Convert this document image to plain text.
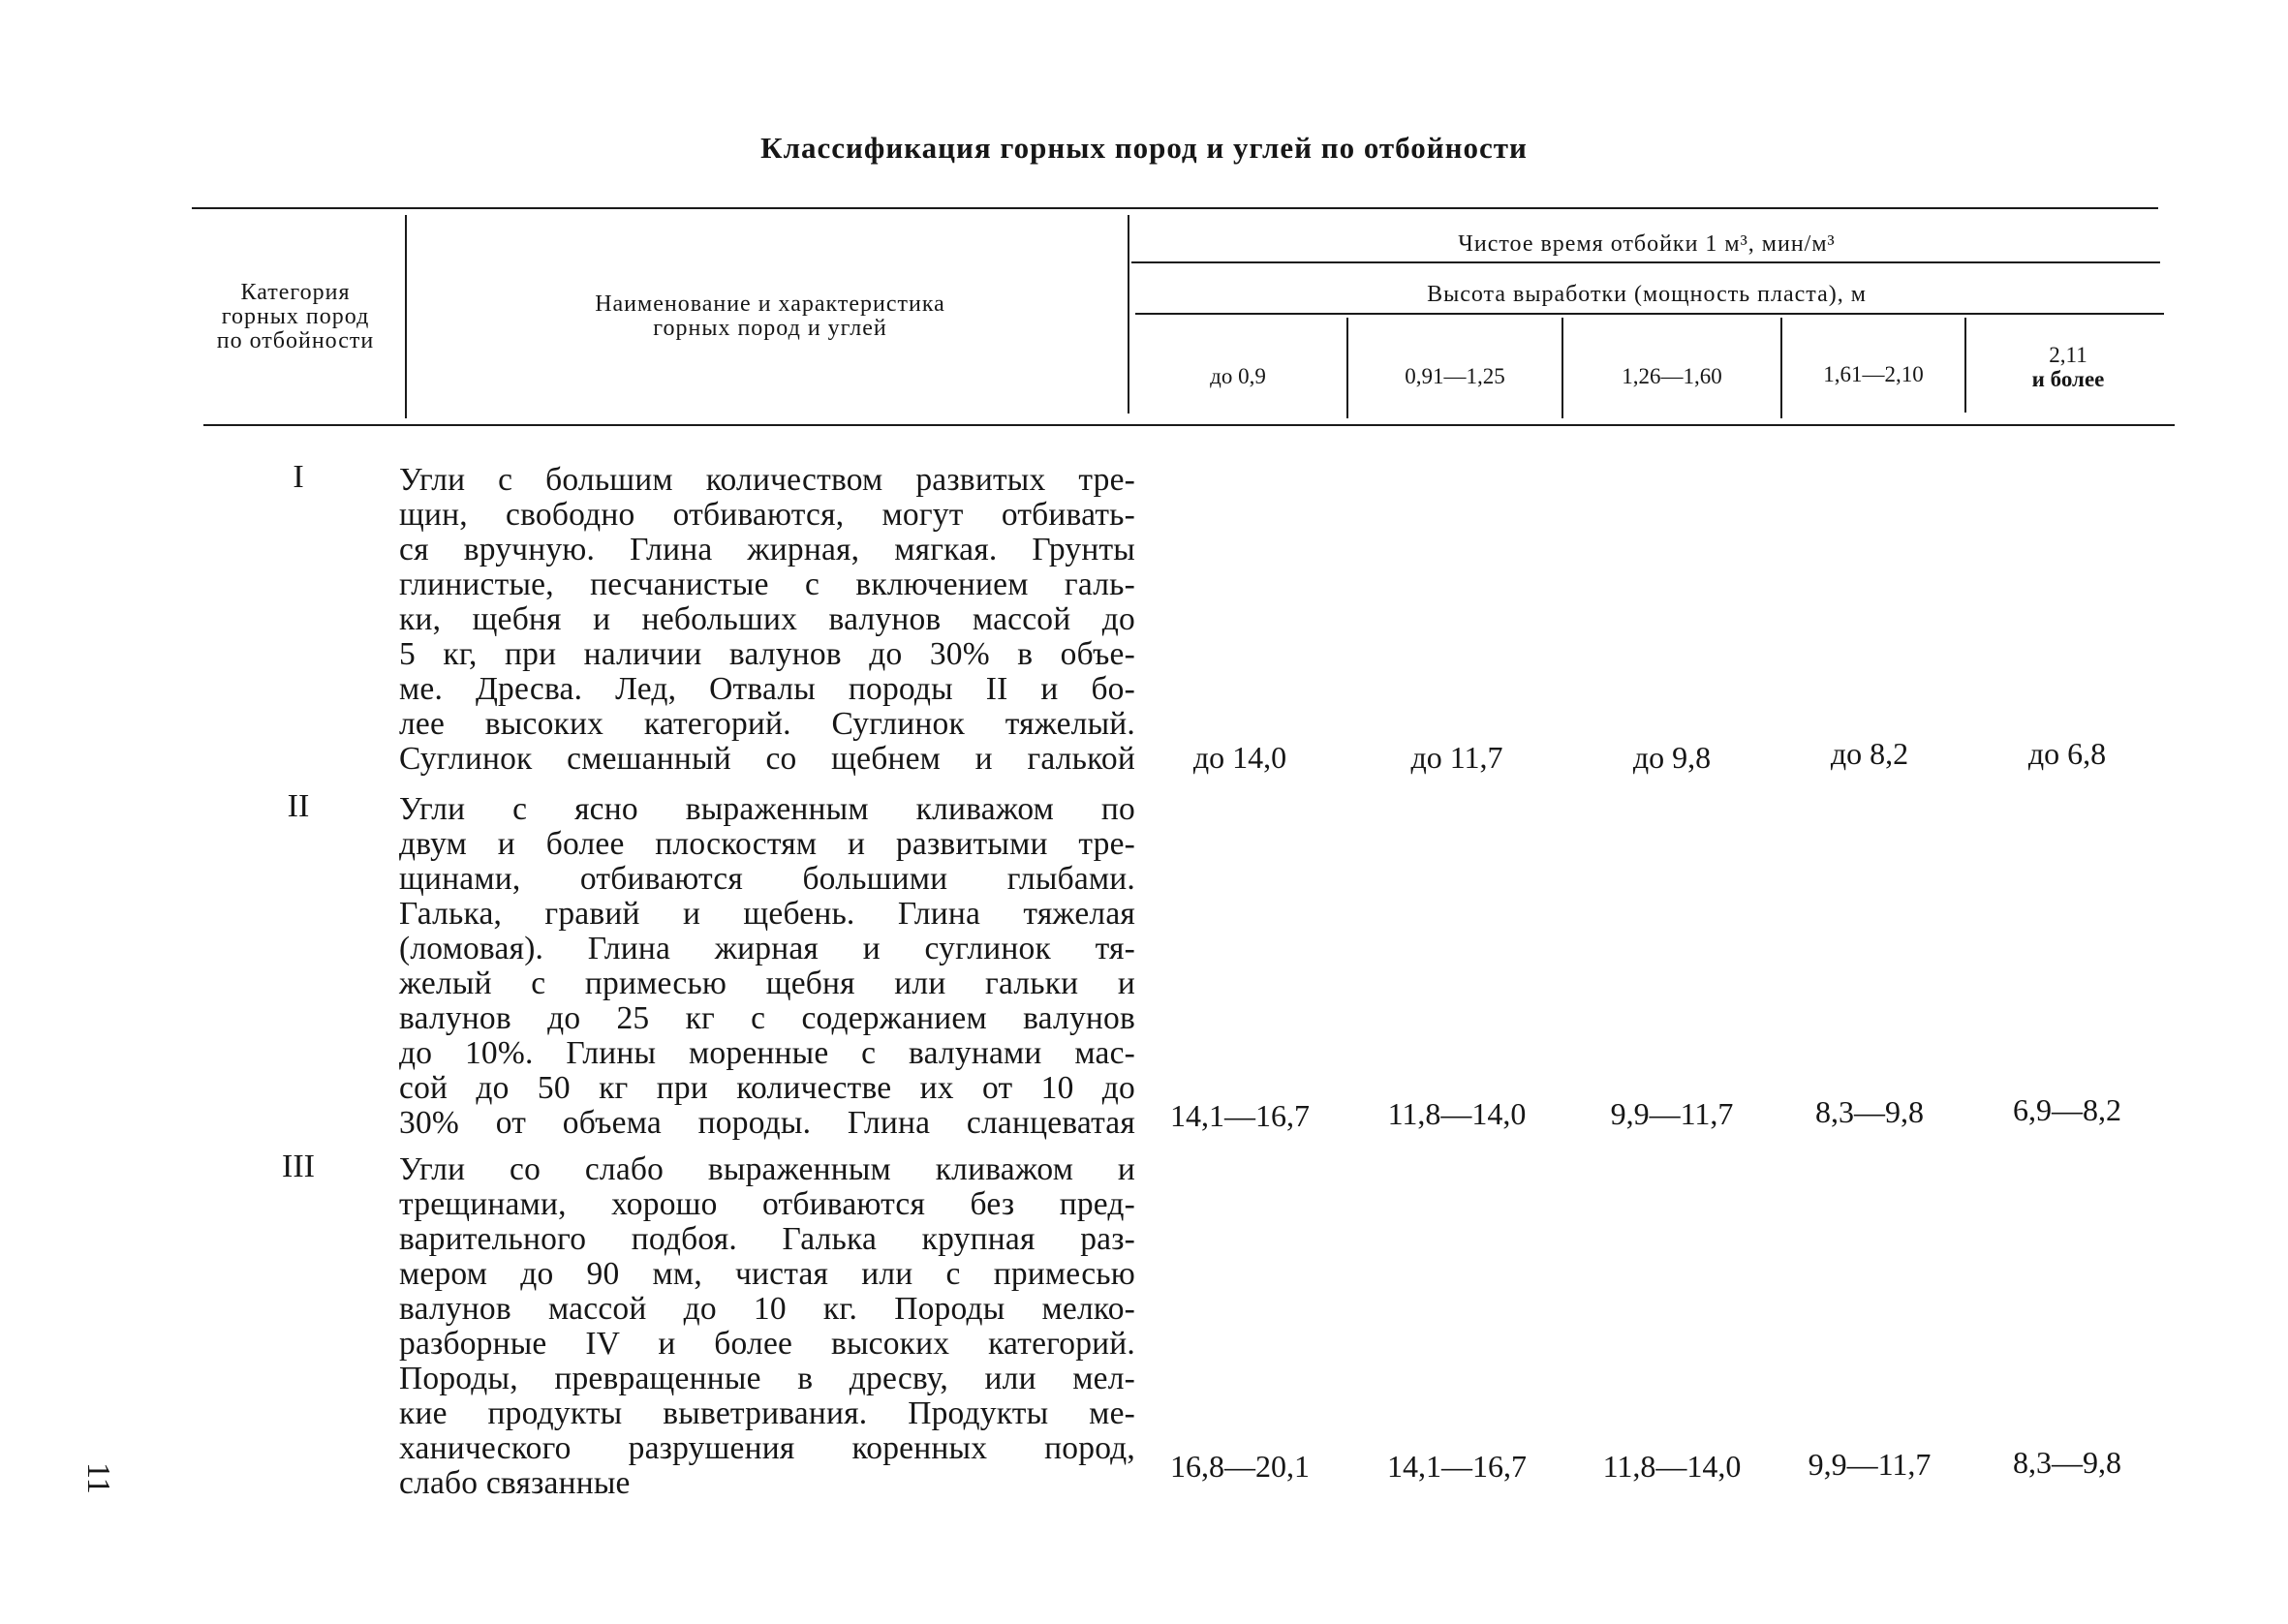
Классификация горных пород и углей по отбойности
Категория
горных пород
по отбойности
Наименование и характеристика
горных пород и углей
Чистое время отбойки 1 м³, мин/м³
Высота выработки (мощность пласта), м
до 0,9	0,91—1,25	1,26—1,60	1,61—2,10
2,11
и более
I	Угли с большим количеством развитых тре-
щин, свободно отбиваются, могут отбивать-
ся вручную. Глина жирная, мягкая. Грунты
глинистые, песчанистые с включением галь-
ки, щебня и небольших валунов массой до
5 кг, при наличии валунов до 30% в объе-
ме. Дресва. Лед, Отвалы породы II и бо-
лее высоких категорий. Суглинок тяжелый.
Суглинок смешанный со щебнем и галькой	до 14,0	до 11,7	до 9,8	до 8,2	до 6,8
II	Угли с ясно выраженным кливажом по
двум и более плоскостям и развитыми тре-
щинами, отбиваются большими глыбами.
Галька, гравий и щебень. Глина тяжелая
(ломовая). Глина жирная и суглинок тя-
желый с примесью щебня или гальки и
валунов до 25 кг с содержанием валунов
до 10%. Глины моренные с валунами мас-
сой до 50 кг при количестве их от 10 до
30% от объема породы. Глина сланцеватая	14,1—16,7	11,8—14,0	9,9—11,7	8,3—9,8	6,9—8,2
III	Угли со слабо выраженным кливажом и
трещинами, хорошо отбиваются без пред-
варительного подбоя. Галька крупная раз-
мером до 90 мм, чистая или с примесью
валунов массой до 10 кг. Породы мелко-
разборные IV и более высоких категорий.
Породы, превращенные в дресву, или мел-
кие продукты выветривания. Продукты ме-
ханического разрушения коренных пород,
слабо связанные	16,8—20,1	14,1—16,7	11,8—14,0	9,9—11,7	8,3—9,8
11
